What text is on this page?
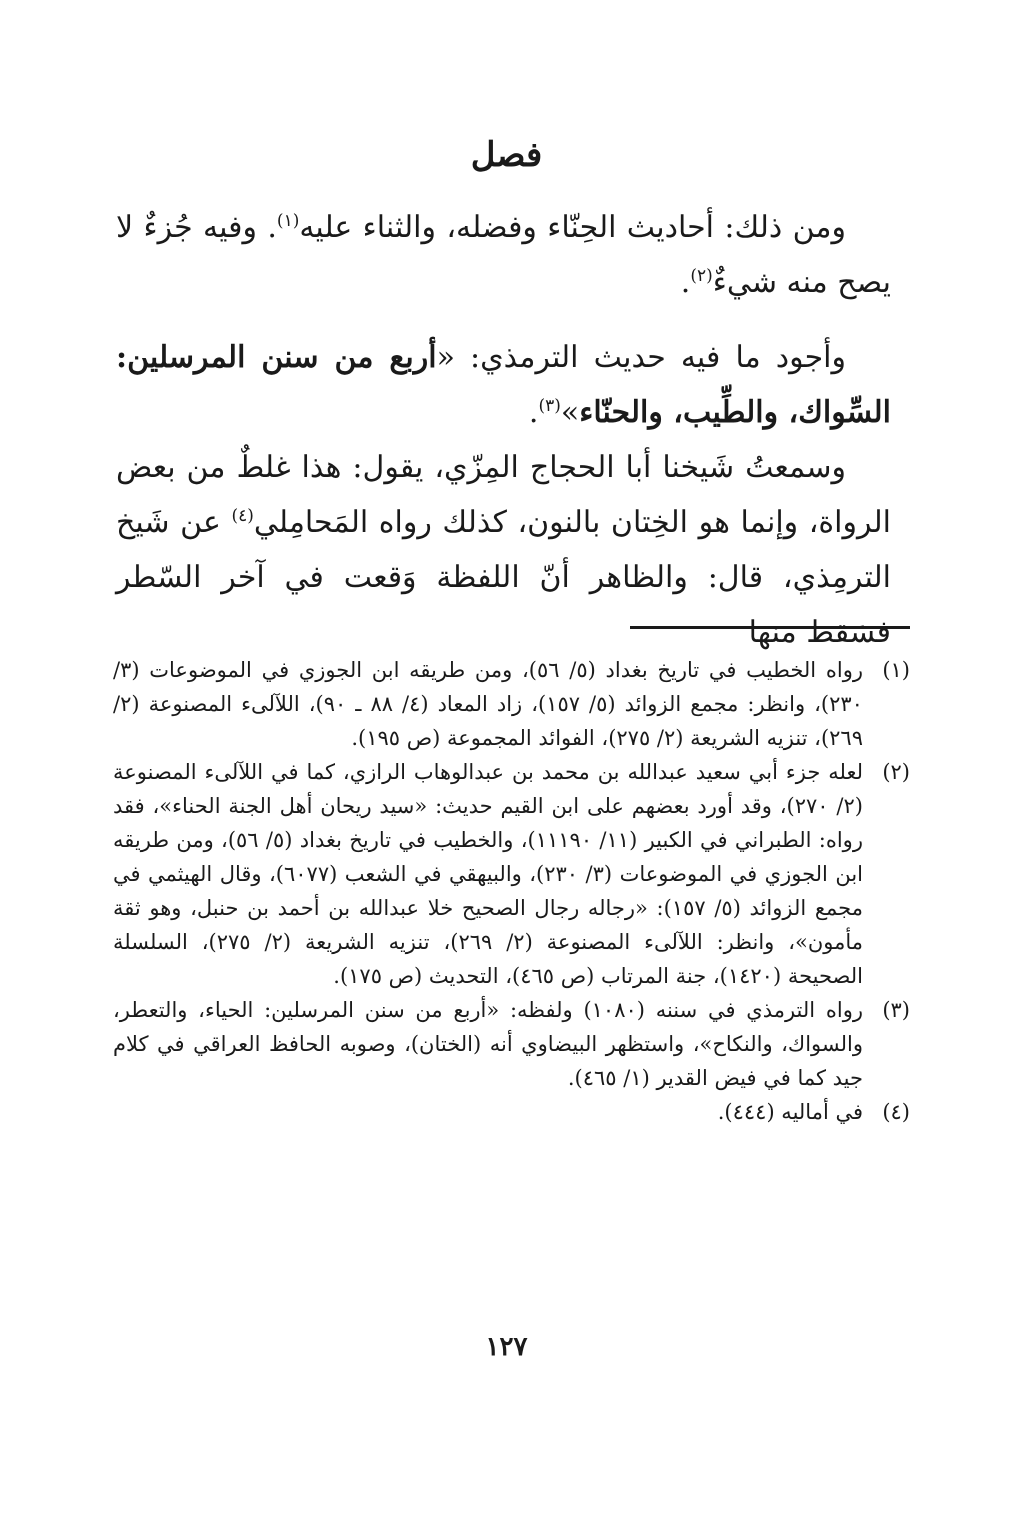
فصل

ومن ذلك: أحاديث الحِنّاء وفضله، والثناء عليه$^{(١)}$. وفيه جُزءٌ لا يصح منه شيءٌ$^{(٢)}$.

وأجود ما فيه حديث الترمذي: «أربع من سنن المرسلين: السِّواك، والطِّيب، والحنّاء»$^{(٣)}$.

وسمعتُ شَيخنا أبا الحجاج المِزّي، يقول: هذا غلطٌ من بعض الرواة، وإنما هو الخِتان بالنون، كذلك رواه المَحامِلي$^{(٤)}$ عن شَيخ الترمِذي، قال: والظاهر أنّ اللفظة وَقعت في آخر السّطر فسَقط منها

(١)
رواه الخطيب في تاريخ بغداد (٥/ ٥٦)، ومن طريقه ابن الجوزي في الموضوعات (٣/ ٢٣٠)، وانظر: مجمع الزوائد (٥/ ١٥٧)، زاد المعاد (٤/ ٨٨ ـ ٩٠)، اللآلىء المصنوعة (٢/ ٢٦٩)، تنزيه الشريعة (٢/ ٢٧٥)، الفوائد المجموعة (ص ١٩٥).
(٢)
لعله جزء أبي سعيد عبدالله بن محمد بن عبدالوهاب الرازي، كما في اللآلىء المصنوعة (٢/ ٢٧٠)، وقد أورد بعضهم على ابن القيم حديث: «سيد ريحان أهل الجنة الحناء»، فقد رواه: الطبراني في الكبير (١١/ ١١١٩٠)، والخطيب في تاريخ بغداد (٥/ ٥٦)، ومن طريقه ابن الجوزي في الموضوعات (٣/ ٢٣٠)، والبيهقي في الشعب (٦٠٧٧)، وقال الهيثمي في مجمع الزوائد (٥/ ١٥٧): «رجاله رجال الصحيح خلا عبدالله بن أحمد بن حنبل، وهو ثقة مأمون»، وانظر: اللآلىء المصنوعة (٢/ ٢٦٩)، تنزيه الشريعة (٢/ ٢٧٥)، السلسلة الصحيحة (١٤٢٠)، جنة المرتاب (ص ٤٦٥)، التحديث (ص ١٧٥).
(٣)
رواه الترمذي في سننه (١٠٨٠) ولفظه: «أربع من سنن المرسلين: الحياء، والتعطر، والسواك، والنكاح»، واستظهر البيضاوي أنه (الختان)، وصوبه الحافظ العراقي في كلام جيد كما في فيض القدير (١/ ٤٦٥).
(٤)
في أماليه (٤٤٤).
١٢٧
